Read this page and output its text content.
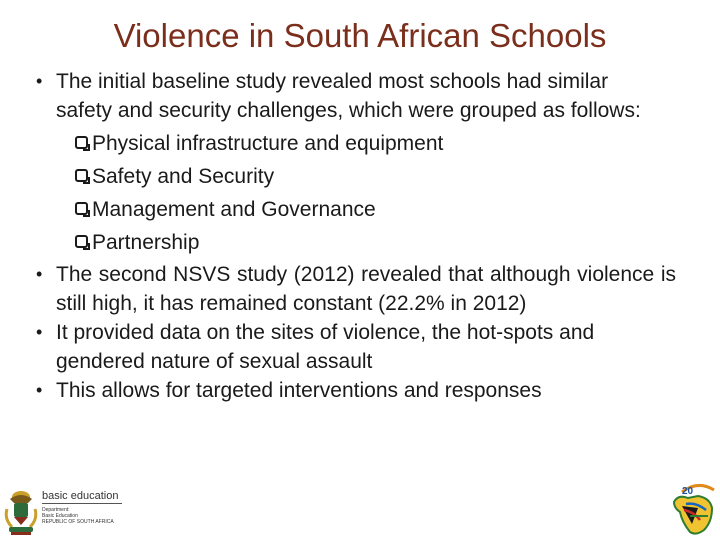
Violence in South African Schools
• The initial baseline study revealed most schools had similar safety and security challenges, which were grouped as follows:
Physical infrastructure and equipment
Safety and Security
Management and Governance
Partnership
• The second NSVS study (2012) revealed that although violence is still high, it has remained constant (22.2% in 2012)
• It provided data on the sites of violence, the hot-spots and gendered nature of sexual assault
• This allows for targeted interventions and responses
basic education
Department:
Basic Education
REPUBLIC OF SOUTH AFRICA
20
